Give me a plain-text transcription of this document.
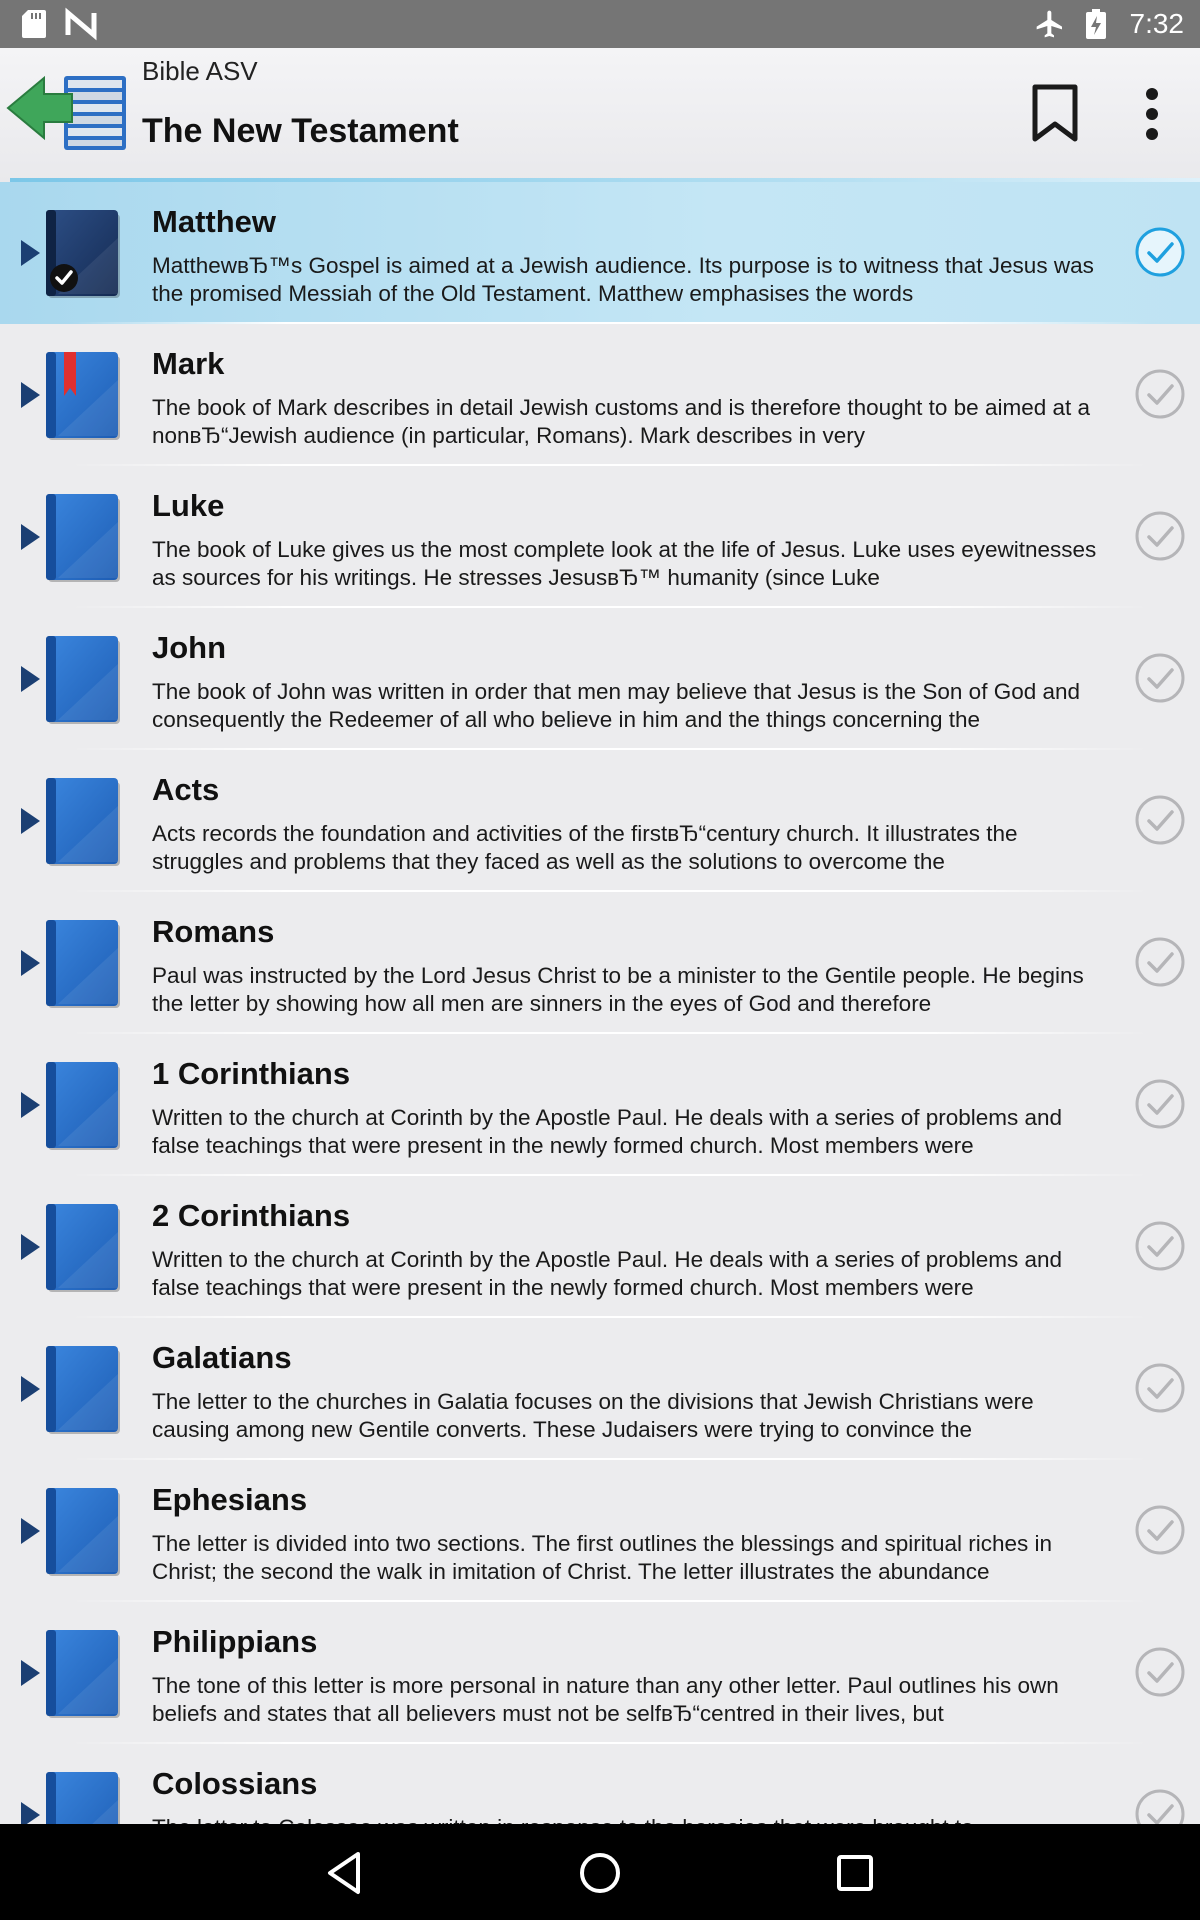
7:32
Bible ASV
The New Testament
Matthew
MatthewвЂ™s Gospel is aimed at a Jewish audience. Its purpose is to witness that Jesus was the promised Messiah of the Old Testament. Matthew emphasises the words
Mark
The book of Mark describes in detail Jewish customs and is therefore thought to be aimed at a nonвЂ“Jewish audience (in particular, Romans). Mark describes in very
Luke
The book of Luke gives us the most complete look at the life of Jesus. Luke uses eyewitnesses as sources for his writings. He stresses JesusвЂ™ humanity (since Luke
John
The book of John was written in order that men may believe that Jesus is the Son of God and consequently the Redeemer of all who believe in him and the things concerning the
Acts
Acts records the foundation and activities of the firstвЂ“century church. It illustrates the struggles and problems that they faced as well as the solutions to overcome the
Romans
Paul was instructed by the Lord Jesus Christ to be a minister to the Gentile people. He begins the letter by showing how all men are sinners in the eyes of God and therefore
1 Corinthians
Written to the church at Corinth by the Apostle Paul. He deals with a series of problems and false teachings that were present in the newly formed church. Most members were
2 Corinthians
Written to the church at Corinth by the Apostle Paul. He deals with a series of problems and false teachings that were present in the newly formed church. Most members were
Galatians
The letter to the churches in Galatia focuses on the divisions that Jewish Christians were causing among new Gentile converts. These Judaisers were trying to convince the
Ephesians
The letter is divided into two sections. The first outlines the blessings and spiritual riches in Christ; the second the walk in imitation of Christ. The letter illustrates the abundance
Philippians
The tone of this letter is more personal in nature than any other letter. Paul outlines his own beliefs and states that all believers must not be selfвЂ“centred in their lives, but
Colossians
